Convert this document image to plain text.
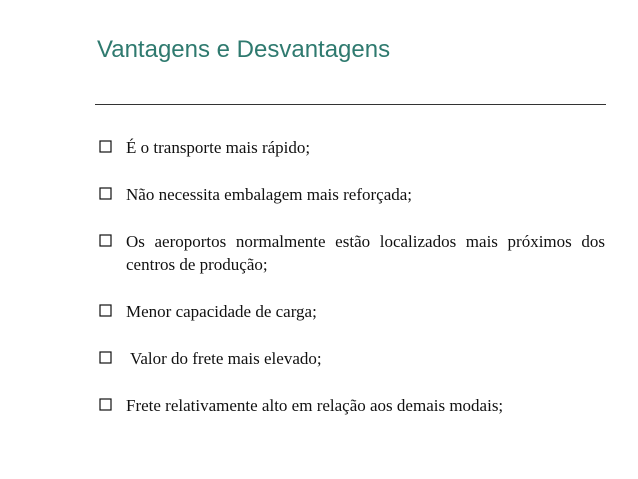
Vantagens e Desvantagens
É o transporte mais rápido;
Não necessita embalagem mais reforçada;
Os aeroportos normalmente estão localizados mais próximos dos centros de produção;
Menor capacidade de carga;
Valor do frete mais elevado;
Frete relativamente alto em relação aos demais modais;
